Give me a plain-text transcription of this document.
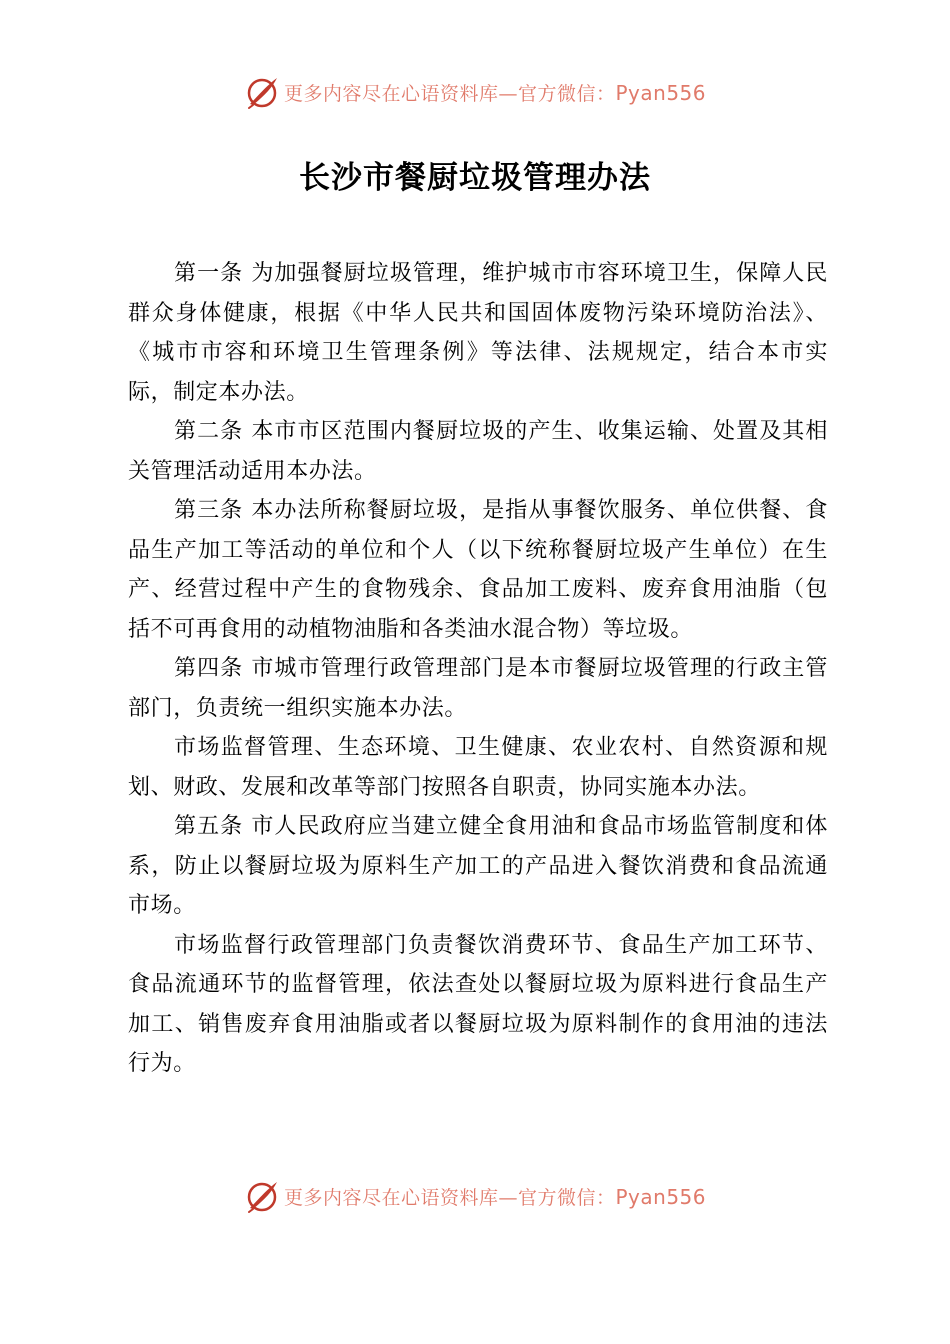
更多内容尽在心语资料库—官方微信：Pyan556
长沙市餐厨垃圾管理办法

第一条 为加强餐厨垃圾管理，维护城市市容环境卫生，保障人民群众身体健康，根据《中华人民共和国固体废物污染环境防治法》、《城市市容和环境卫生管理条例》等法律、法规规定，结合本市实际，制定本办法。

第二条 本市市区范围内餐厨垃圾的产生、收集运输、处置及其相关管理活动适用本办法。

第三条 本办法所称餐厨垃圾，是指从事餐饮服务、单位供餐、食品生产加工等活动的单位和个人（以下统称餐厨垃圾产生单位）在生产、经营过程中产生的食物残余、食品加工废料、废弃食用油脂（包括不可再食用的动植物油脂和各类油水混合物）等垃圾。

第四条 市城市管理行政管理部门是本市餐厨垃圾管理的行政主管部门，负责统一组织实施本办法。

市场监督管理、生态环境、卫生健康、农业农村、自然资源和规划、财政、发展和改革等部门按照各自职责，协同实施本办法。

第五条 市人民政府应当建立健全食用油和食品市场监管制度和体系，防止以餐厨垃圾为原料生产加工的产品进入餐饮消费和食品流通市场。

市场监督行政管理部门负责餐饮消费环节、食品生产加工环节、食品流通环节的监督管理，依法查处以餐厨垃圾为原料进行食品生产加工、销售废弃食用油脂或者以餐厨垃圾为原料制作的食用油的违法行为。

更多内容尽在心语资料库—官方微信：Pyan556
